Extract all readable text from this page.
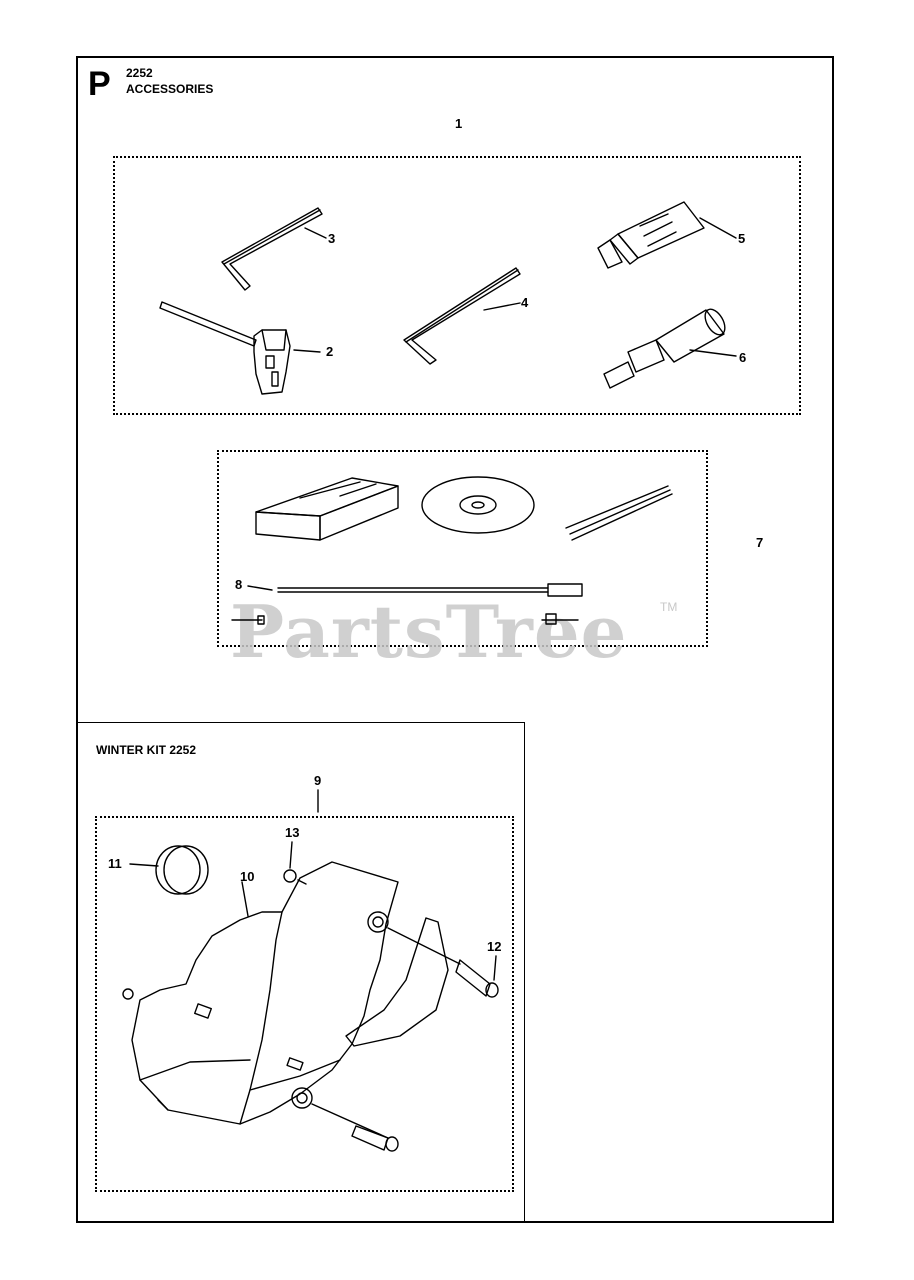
P 2252
ACCESSORIES
WINTER KIT 2252
PartsTree	TM
1
3	5
4
2	6
7
8
9
13
11
10
12
